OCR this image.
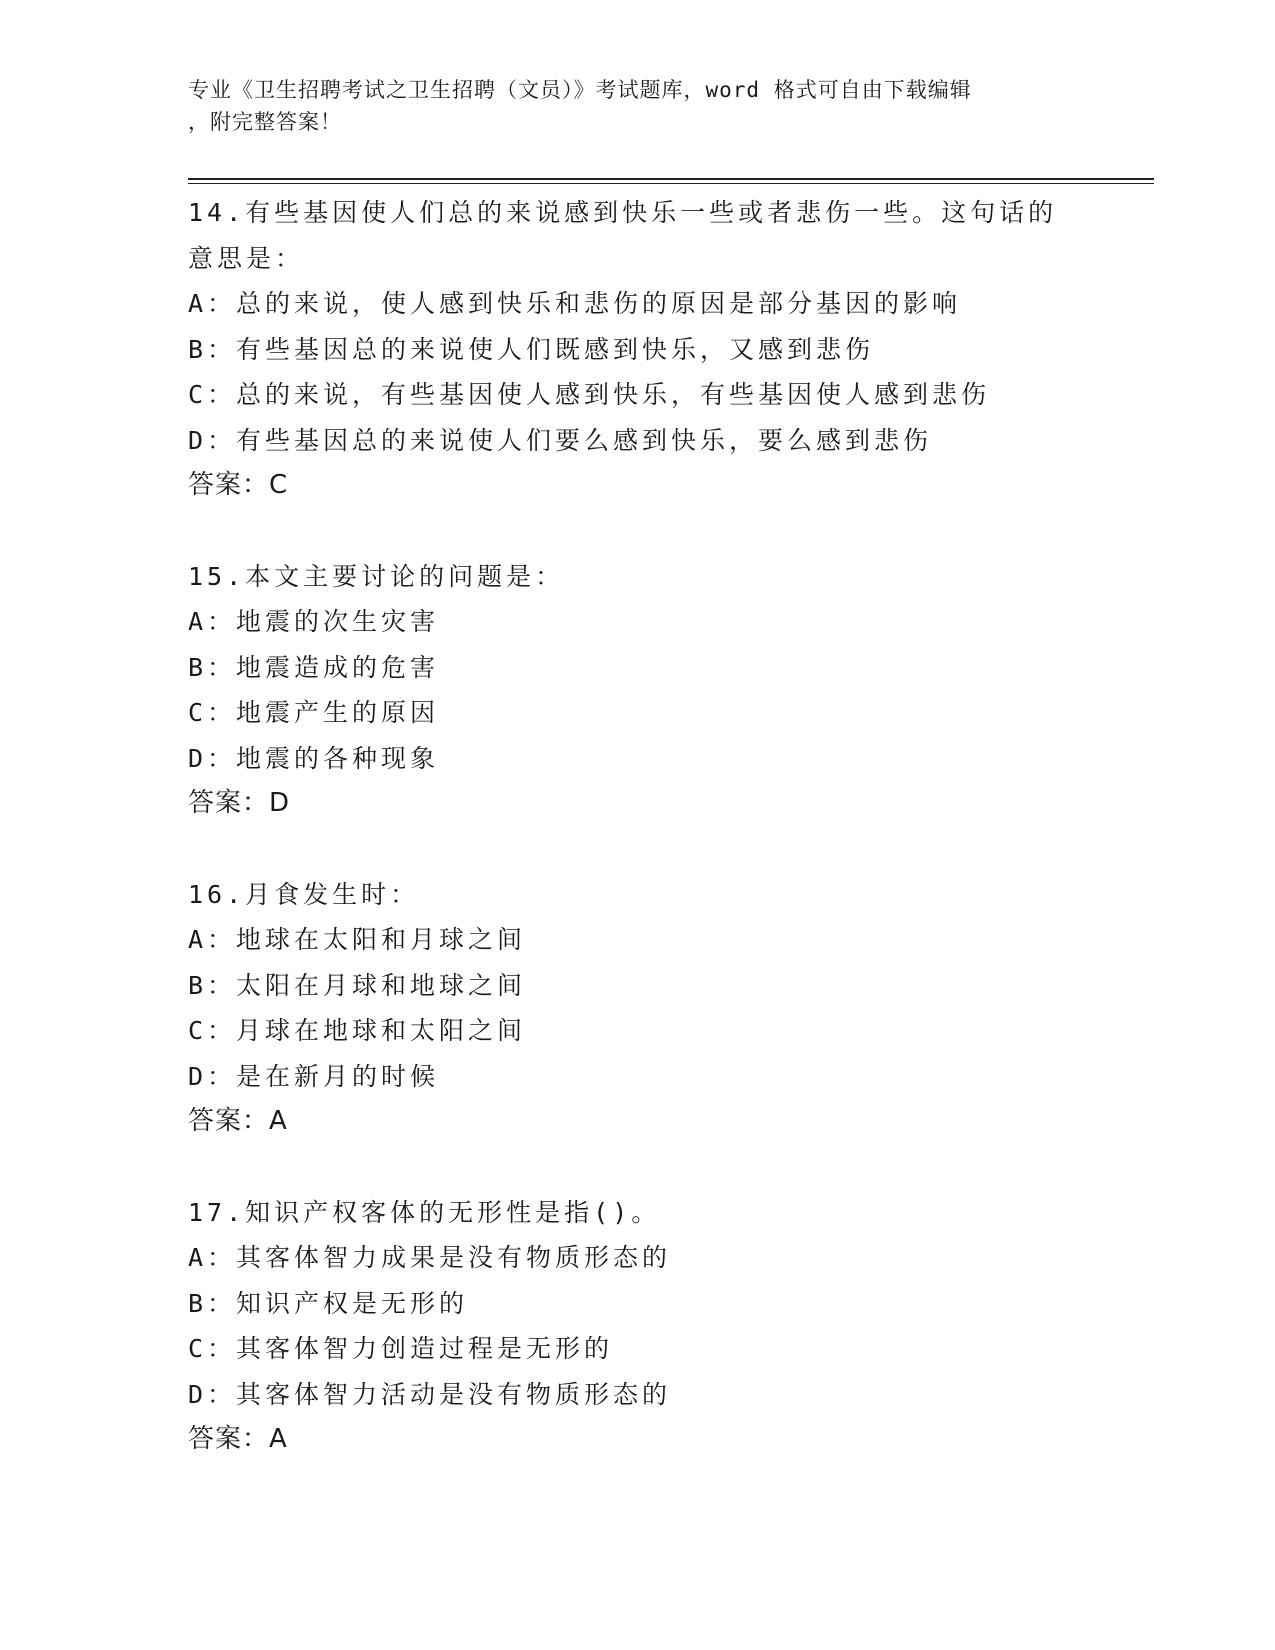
专业《卫生招聘考试之卫生招聘（文员）》考试题库，word 格式可自由下载编辑
，附完整答案！
14.有些基因使人们总的来说感到快乐一些或者悲伤一些。这句话的意思是：
A：总的来说，使人感到快乐和悲伤的原因是部分基因的影响
B：有些基因总的来说使人们既感到快乐，又感到悲伤
C：总的来说，有些基因使人感到快乐，有些基因使人感到悲伤
D：有些基因总的来说使人们要么感到快乐，要么感到悲伤
答案：C
15.本文主要讨论的问题是：
A：地震的次生灾害
B：地震造成的危害
C：地震产生的原因
D：地震的各种现象
答案：D
16.月食发生时：
A：地球在太阳和月球之间
B：太阳在月球和地球之间
C：月球在地球和太阳之间
D：是在新月的时候
答案：A
17.知识产权客体的无形性是指()。
A：其客体智力成果是没有物质形态的
B：知识产权是无形的
C：其客体智力创造过程是无形的
D：其客体智力活动是没有物质形态的
答案：A
